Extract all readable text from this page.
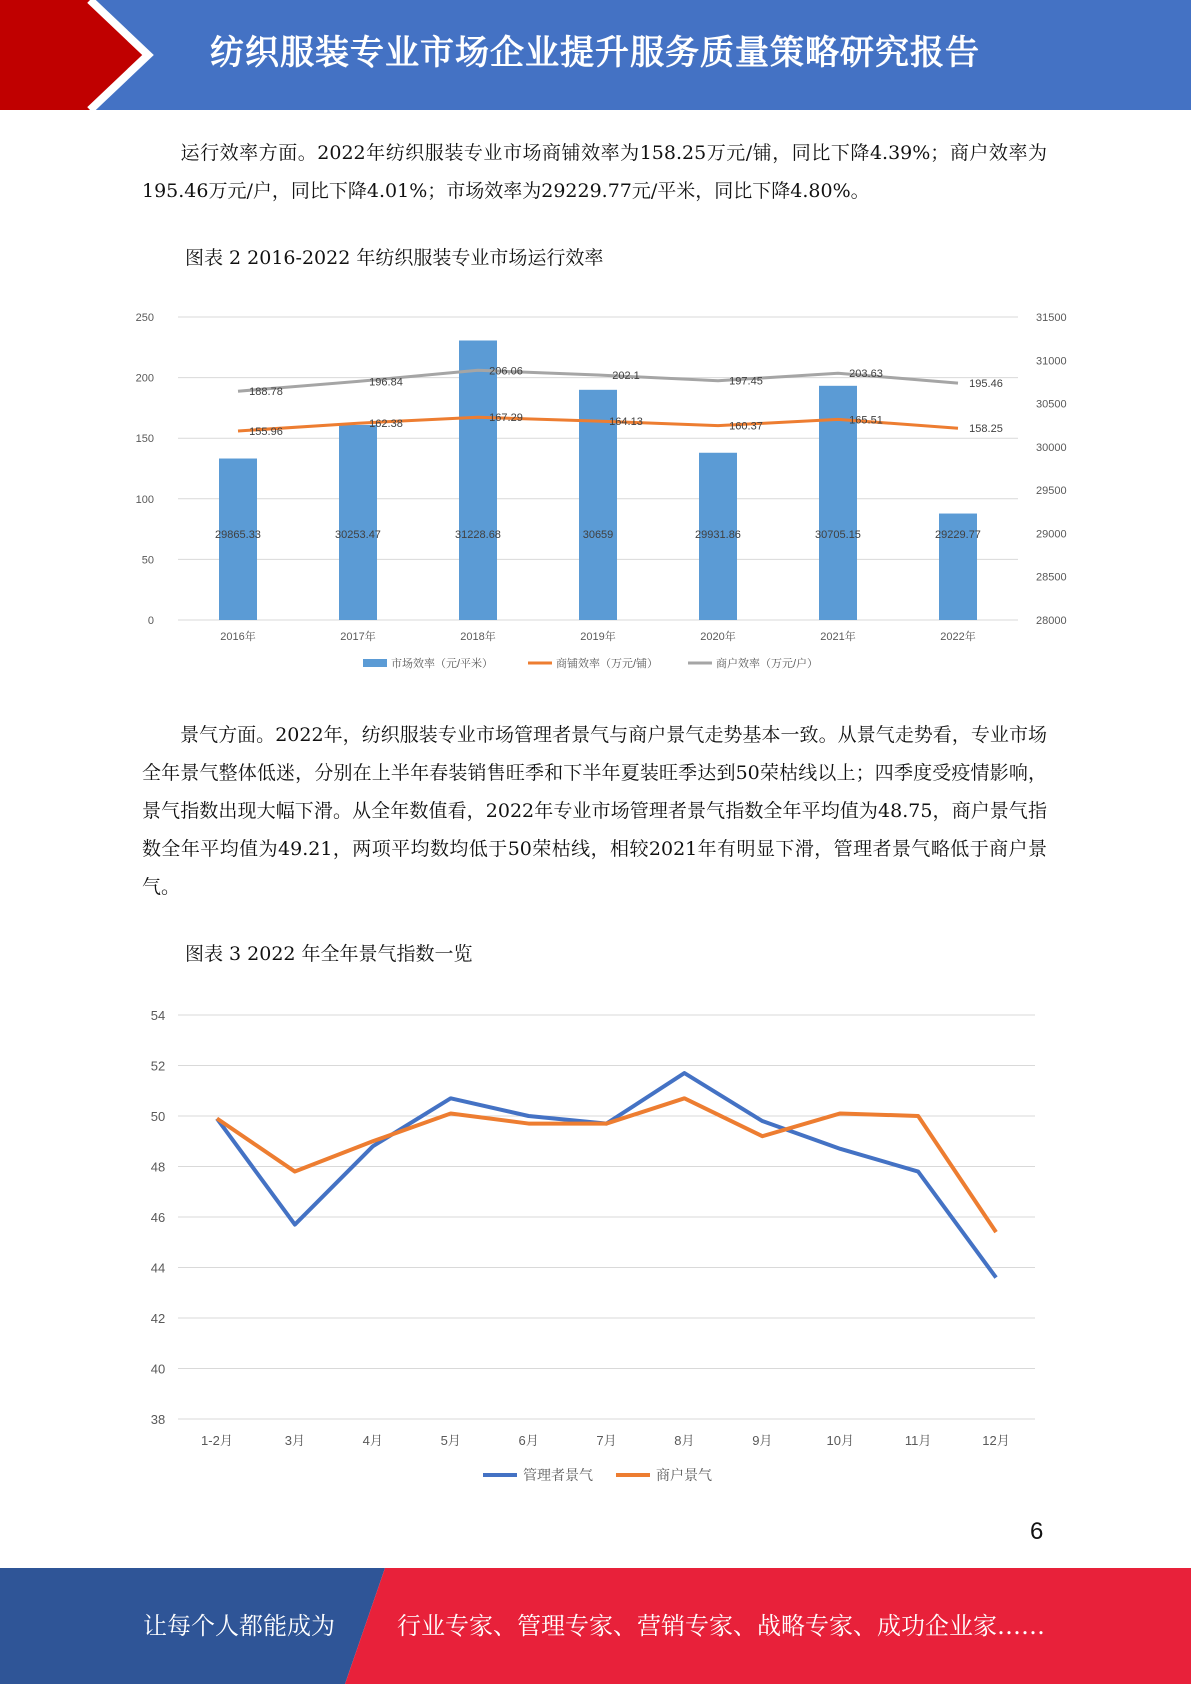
纺织服装专业市场企业提升服务质量策略研究报告

运行效率方面。2022年纺织服装专业市场商铺效率为158.25万元/铺，同比下降4.39%；商户效率为195.46万元/户，同比下降4.01%；市场效率为29229.77元/平米，同比下降4.80%。

图表 2 2016-2022 年纺织服装专业市场运行效率
0
50
100
150
200
250
28000
28500
29000
29500
30000
30500
31000
31500
2016年	2017年	2018年	2019年	2020年	2021年	2022年
29865.33	30253.47	31228.68	30659	29931.86	30705.15	29229.77
155.96
162.38	167.29	164.13	160.37
165.51
158.25
188.78
196.84
206.06	202.1	197.45
203.63
195.46
市场效率（元/平米）	商铺效率（万元/铺）	商户效率（万元/户）

景气方面。2022年，纺织服装专业市场管理者景气与商户景气走势基本一致。从景气走势看，专业市场全年景气整体低迷，分别在上半年春装销售旺季和下半年夏装旺季达到50荣枯线以上；四季度受疫情影响，景气指数出现大幅下滑。从全年数值看，2022年专业市场管理者景气指数全年平均值为48.75，商户景气指数全年平均值为49.21，两项平均数均低于50荣枯线，相较2021年有明显下滑，管理者景气略低于商户景气。

图表 3 2022 年全年景气指数一览
38
40
42
44
46
48
50
52
54
1-2月	3月	4月	5月	6月	7月	8月	9月	10月	11月	12月
管理者景气	商户景气
6
让每个人都能成为	行业专家、管理专家、营销专家、战略专家、成功企业家……
